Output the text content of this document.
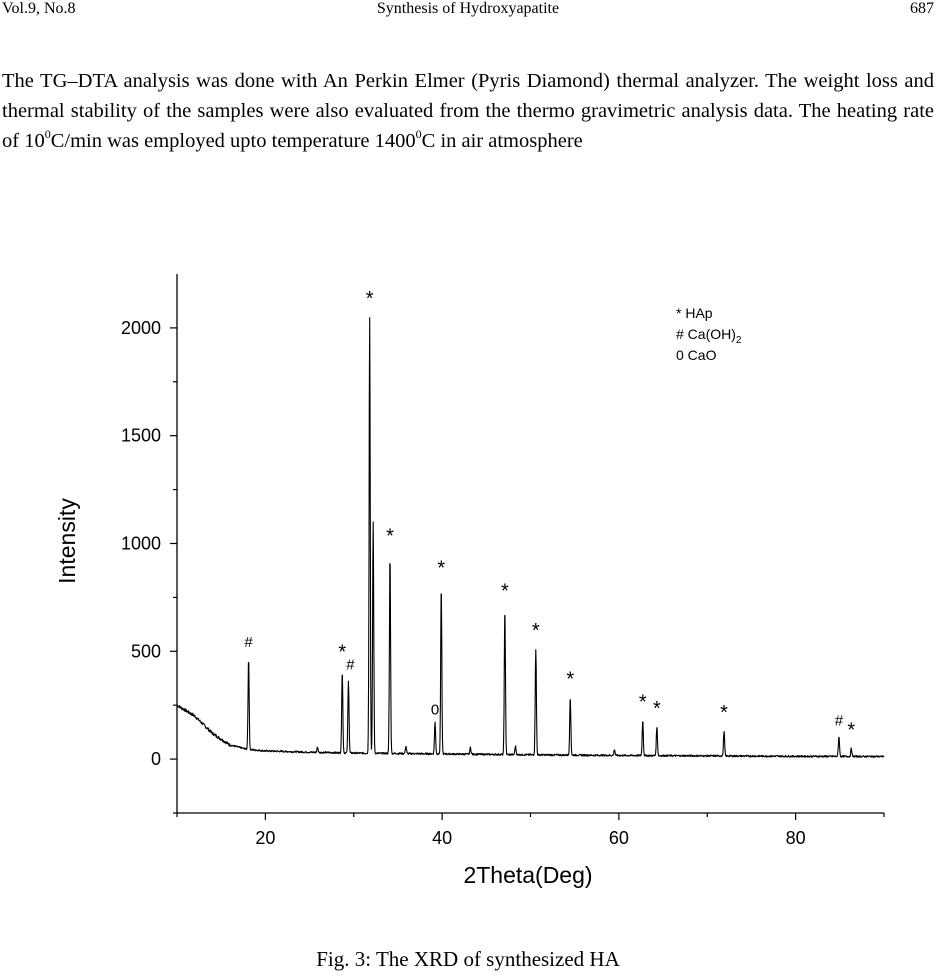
Vol.9, No.8	Synthesis of Hydroxyapatite	687

The TG–DTA analysis was done with An Perkin Elmer (Pyris Diamond) thermal analyzer. The weight loss and thermal stability of the samples were also evaluated from the thermo gravimetric analysis data. The heating rate of $10^0C/\min$ was employed upto temperature 1400$^0$C in air atmosphere

20	40	60	80
0
500
1000
1500
2000
#	*
#
*
*
0
*
*
*
*
* *	*	# *
2Theta(Deg)
Intensity
* HAp
# $Ca(OH)_2$
0 CaO
Fig. 3: The XRD of synthesized HA
